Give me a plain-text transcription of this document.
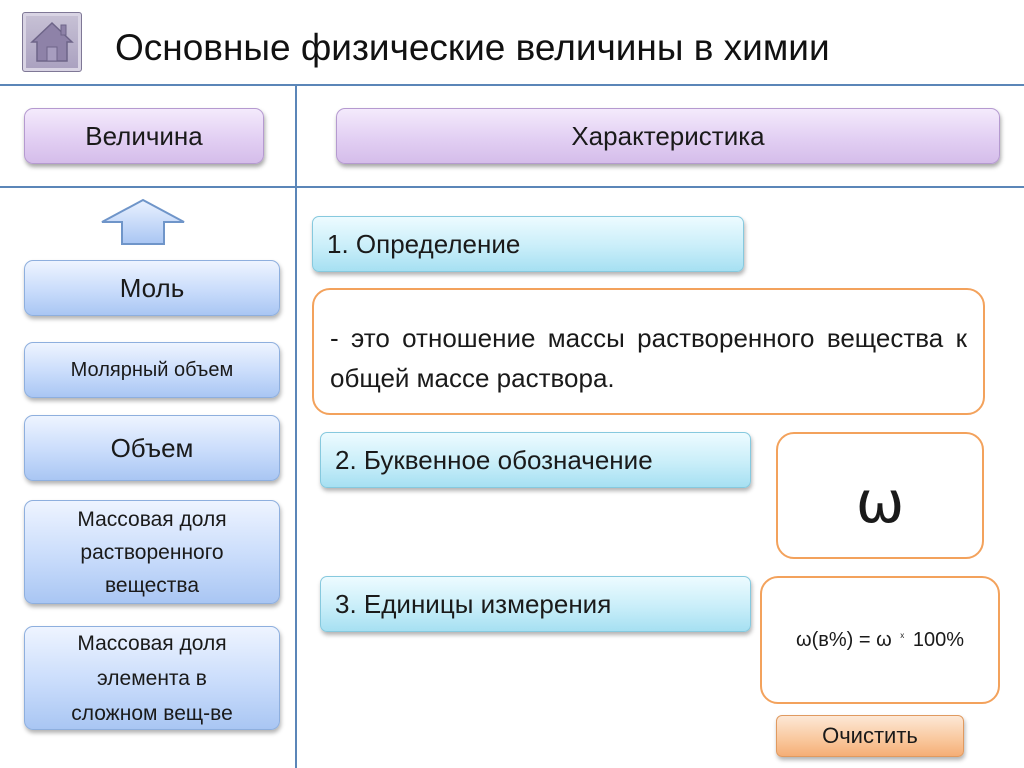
Основные физические величины в химии
Величина	Характеристика
Моль
Молярный объем
Объем
Массовая доля растворенного вещества
Массовая доля элемента в сложном вещ-ве
1. Определение
- это отношение массы растворенного вещества к общей массе раствора.
2. Буквенное обозначение
ω
3. Единицы измерения
ω(в%) = ω $^x$ 100%
Очистить
